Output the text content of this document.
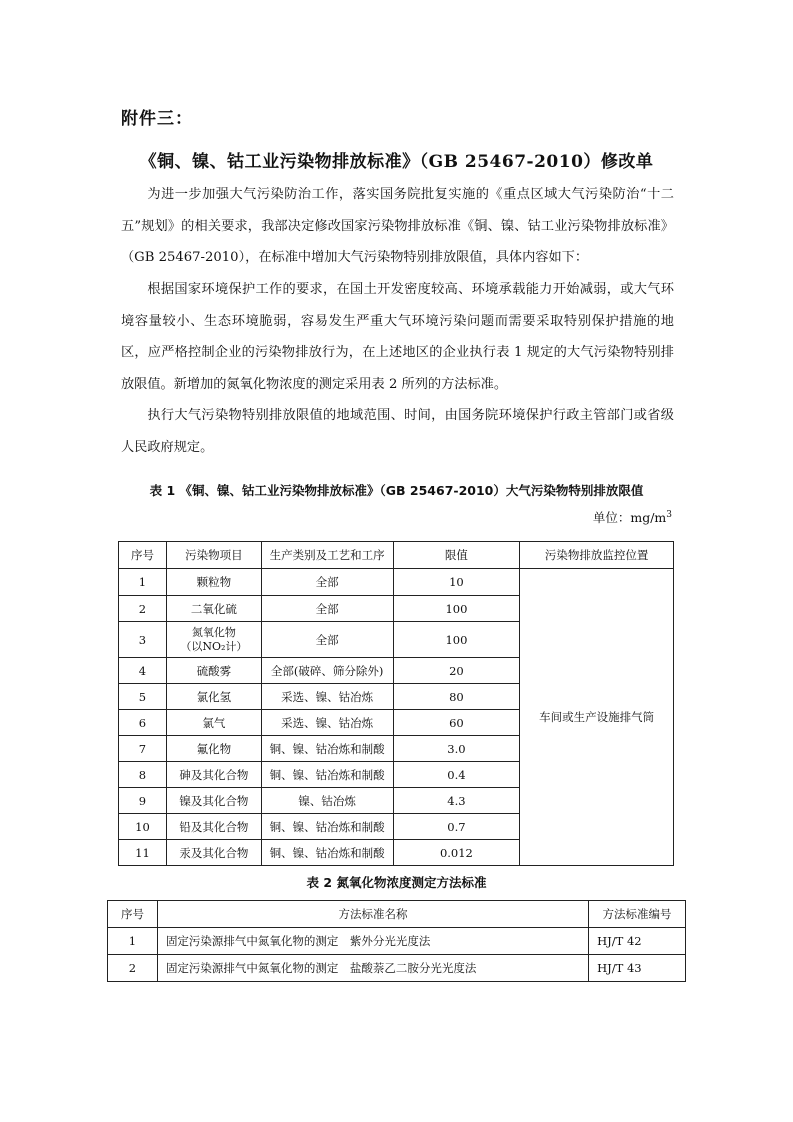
附件三：
《铜、镍、钴工业污染物排放标准》（GB 25467-2010）修改单

为进一步加强大气污染防治工作，落实国务院批复实施的《重点区域大气污染防治“十二五”规划》的相关要求，我部决定修改国家污染物排放标准《铜、镍、钴工业污染物排放标准》（GB 25467-2010），在标准中增加大气污染物特别排放限值，具体内容如下：

根据国家环境保护工作的要求，在国土开发密度较高、环境承载能力开始减弱，或大气环境容量较小、生态环境脆弱，容易发生严重大气环境污染问题而需要采取特别保护措施的地区，应严格控制企业的污染物排放行为，在上述地区的企业执行表 1 规定的大气污染物特别排放限值。新增加的氮氧化物浓度的测定采用表 2 所列的方法标准。

执行大气污染物特别排放限值的地域范围、时间，由国务院环境保护行政主管部门或省级人民政府规定。

表 1 《铜、镍、钴工业污染物排放标准》（GB 25467-2010）大气污染物特别排放限值
单位：$mg/m^3$
序号	污染物项目	生产类别及工艺和工序	限值	污染物排放监控位置
1	颗粒物	全部	10	车间或生产设施排气筒
2	二氧化硫	全部	100	
3	氮氧化物
（以NO₂计）	全部	100	
4	硫酸雾	全部(破碎、筛分除外)	20	
5	氯化氢	采选、镍、钴冶炼	80	
6	氯气	采选、镍、钴冶炼	60	
7	氟化物	铜、镍、钴冶炼和制酸	3.0	
8	砷及其化合物	铜、镍、钴冶炼和制酸	0.4	
9	镍及其化合物	镍、钴冶炼	4.3	
10	铅及其化合物	铜、镍、钴冶炼和制酸	0.7	
11	汞及其化合物	铜、镍、钴冶炼和制酸	0.012	
表 2 氮氧化物浓度测定方法标准
序号	方法标准名称	方法标准编号
1	固定污染源排气中氮氧化物的测定　紫外分光光度法	HJ/T 42
2	固定污染源排气中氮氧化物的测定　盐酸萘乙二胺分光光度法	HJ/T 43
